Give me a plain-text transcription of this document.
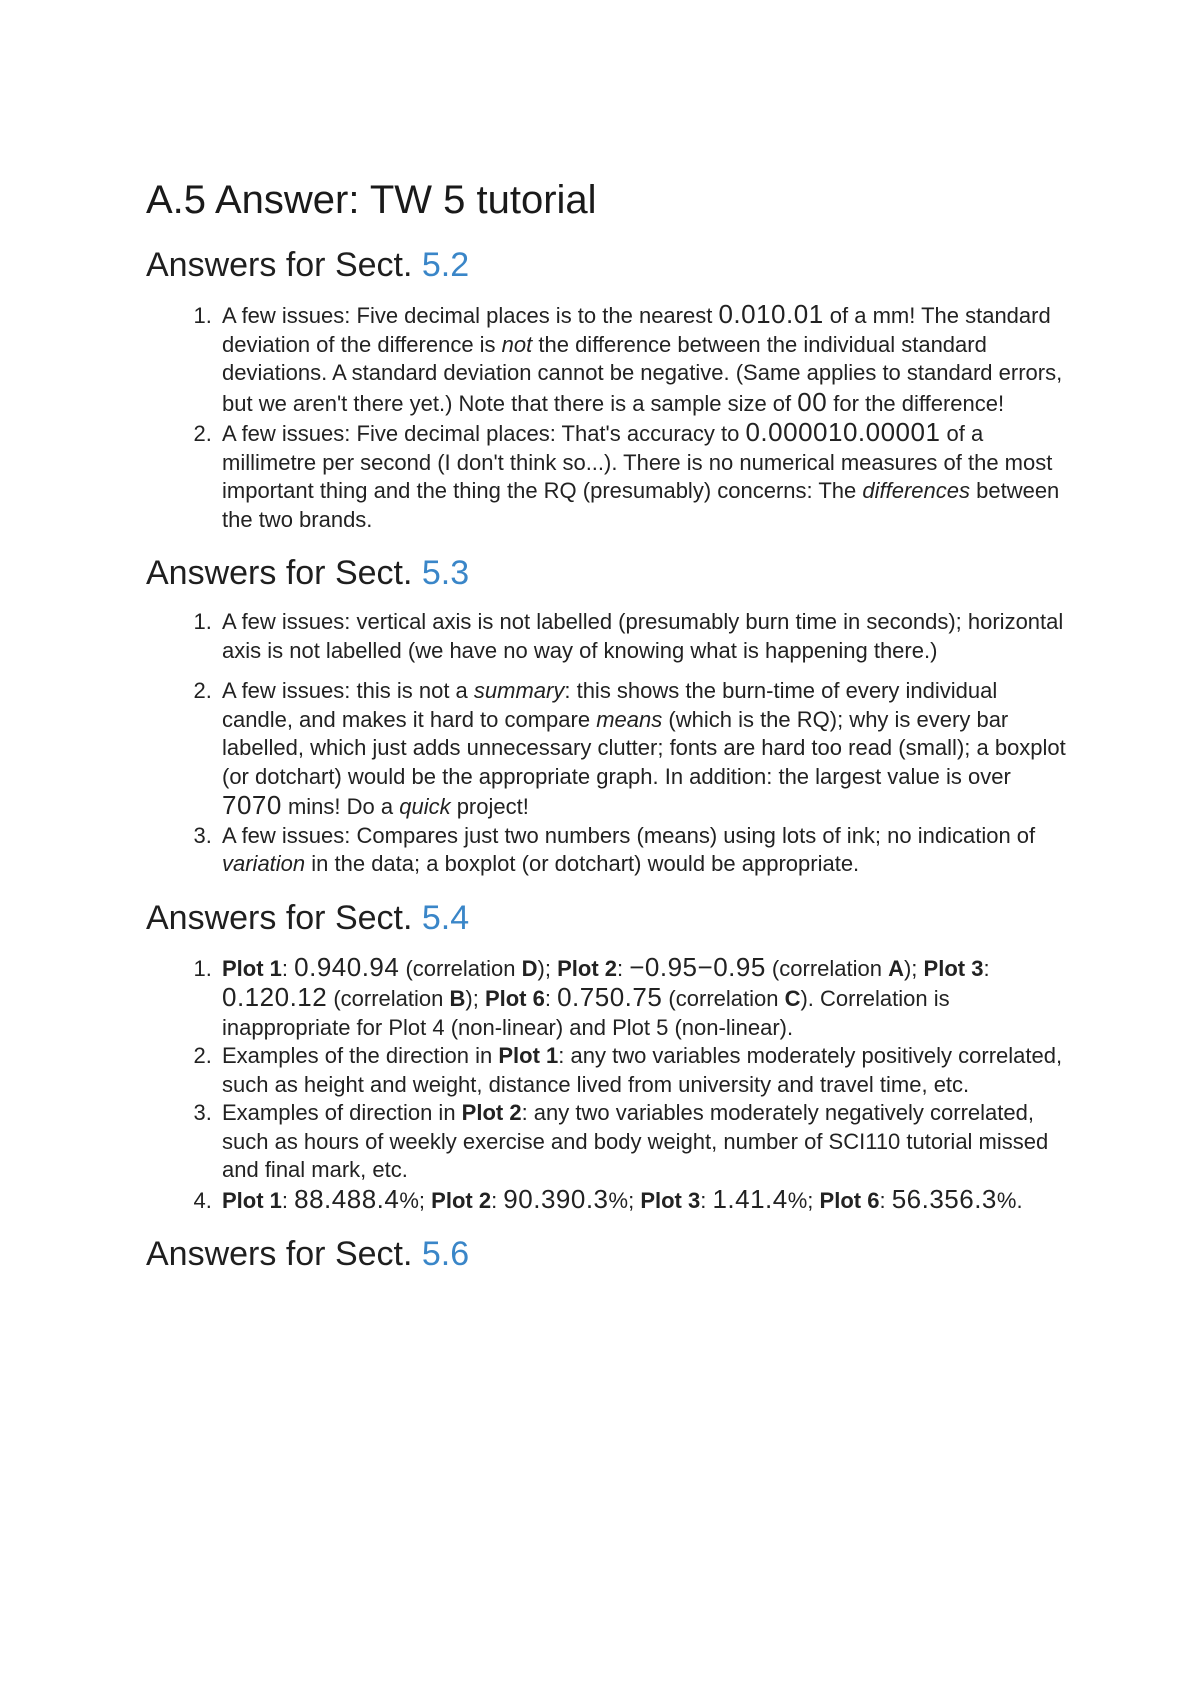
A.5 Answer: TW 5 tutorial
Answers for Sect. 5.2
1. A few issues: Five decimal places is to the nearest 0.010.01 of a mm! The standard deviation of the difference is not the difference between the individual standard deviations. A standard deviation cannot be negative. (Same applies to standard errors, but we aren't there yet.) Note that there is a sample size of 00 for the difference!
2. A few issues: Five decimal places: That's accuracy to 0.000010.00001 of a millimetre per second (I don't think so...). There is no numerical measures of the most important thing and the thing the RQ (presumably) concerns: The differences between the two brands.
Answers for Sect. 5.3
1. A few issues: vertical axis is not labelled (presumably burn time in seconds); horizontal axis is not labelled (we have no way of knowing what is happening there.)
2. A few issues: this is not a summary: this shows the burn-time of every individual candle, and makes it hard to compare means (which is the RQ); why is every bar labelled, which just adds unnecessary clutter; fonts are hard too read (small); a boxplot (or dotchart) would be the appropriate graph. In addition: the largest value is over 7070 mins! Do a quick project!
3. A few issues: Compares just two numbers (means) using lots of ink; no indication of variation in the data; a boxplot (or dotchart) would be appropriate.
Answers for Sect. 5.4
1. Plot 1: 0.940.94 (correlation D); Plot 2: −0.95−0.95 (correlation A); Plot 3: 0.120.12 (correlation B); Plot 6: 0.750.75 (correlation C). Correlation is inappropriate for Plot 4 (non-linear) and Plot 5 (non-linear).
2. Examples of the direction in Plot 1: any two variables moderately positively correlated, such as height and weight, distance lived from university and travel time, etc.
3. Examples of direction in Plot 2: any two variables moderately negatively correlated, such as hours of weekly exercise and body weight, number of SCI110 tutorial missed and final mark, etc.
4. Plot 1: 88.488.4%; Plot 2: 90.390.3%; Plot 3: 1.41.4%; Plot 6: 56.356.3%.
Answers for Sect. 5.6
